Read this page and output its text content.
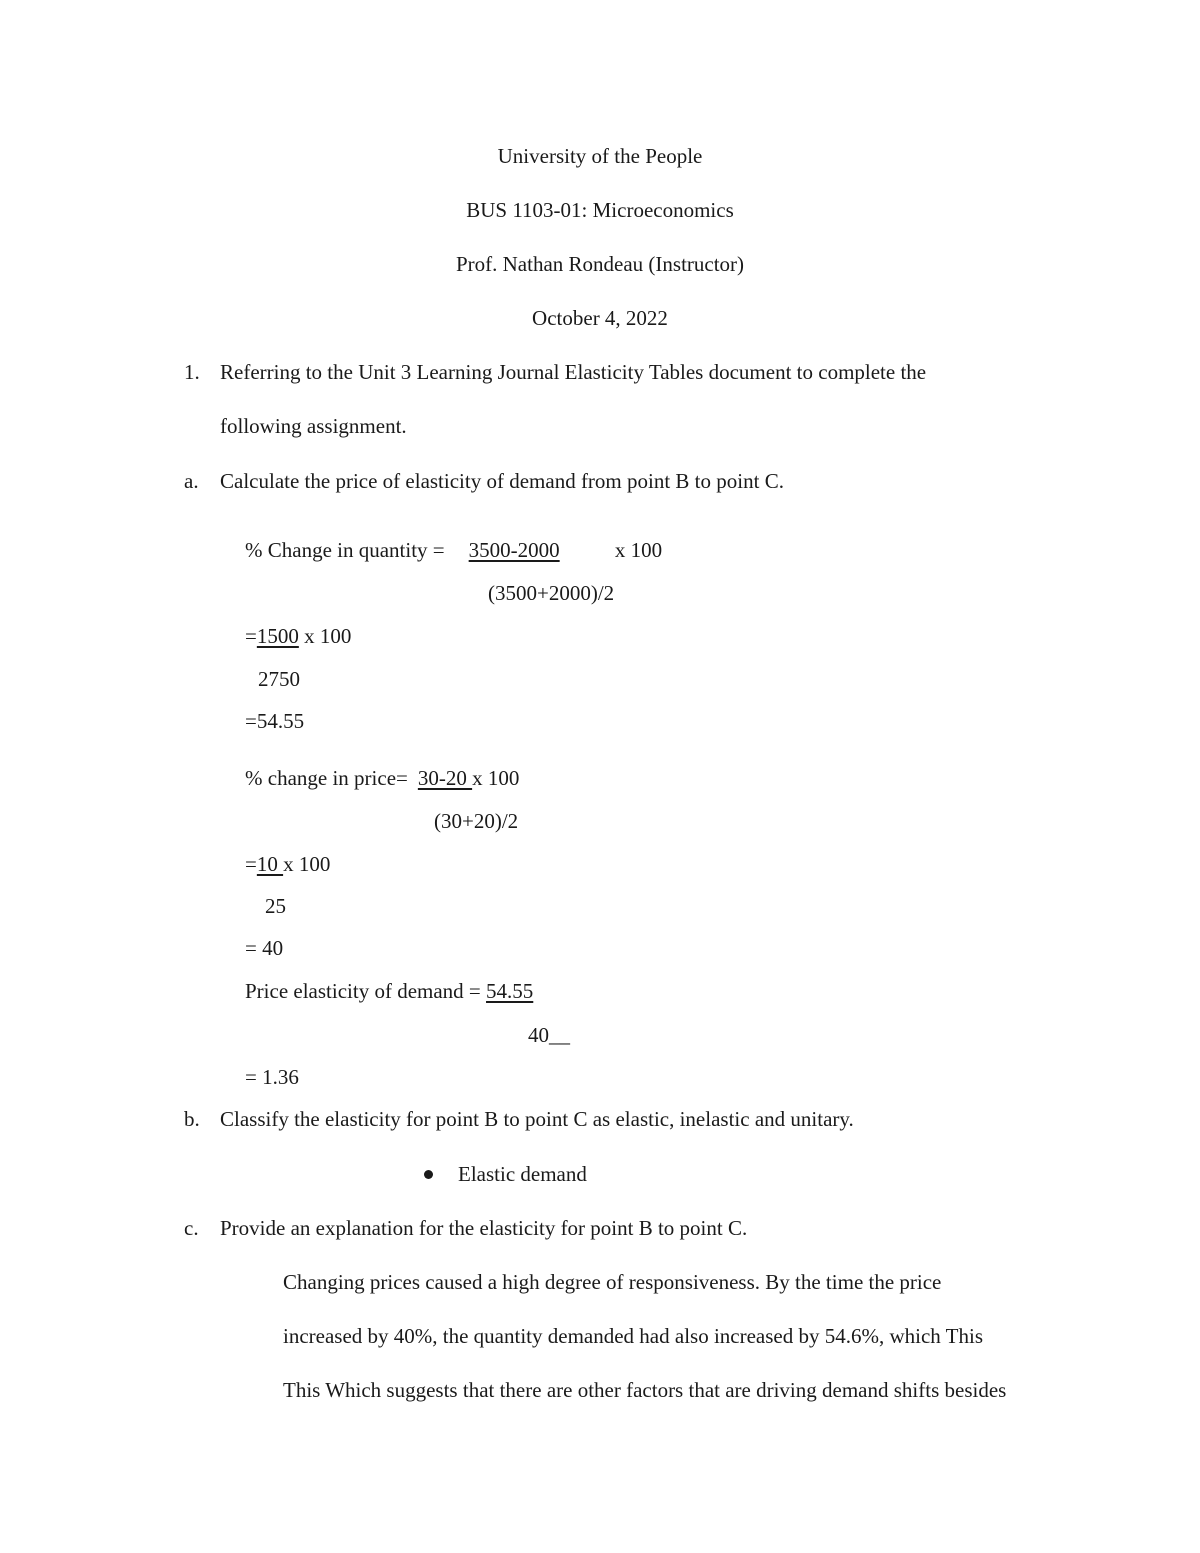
University of the People
BUS 1103-01: Microeconomics
Prof. Nathan Rondeau (Instructor)
October 4, 2022
1. Referring to the Unit 3 Learning Journal Elasticity Tables document to complete the
following assignment.
a. Calculate the price of elasticity of demand from point B to point C.
% Change in quantity = 3500-2000 x 100
(3500+2000)/2
=1500 x 100
2750
=54.55
% change in price= 30-20 x 100
(30+20)/2
=10 x 100
25
= 40
Price elasticity of demand = 54.55
40__
= 1.36
b. Classify the elasticity for point B to point C as elastic, inelastic and unitary.
Elastic demand
c. Provide an explanation for the elasticity for point B to point C.
Changing prices caused a high degree of responsiveness. By the time the price
increased by 40%, the quantity demanded had also increased by 54.6%, which This
This Which suggests that there are other factors that are driving demand shifts besides
